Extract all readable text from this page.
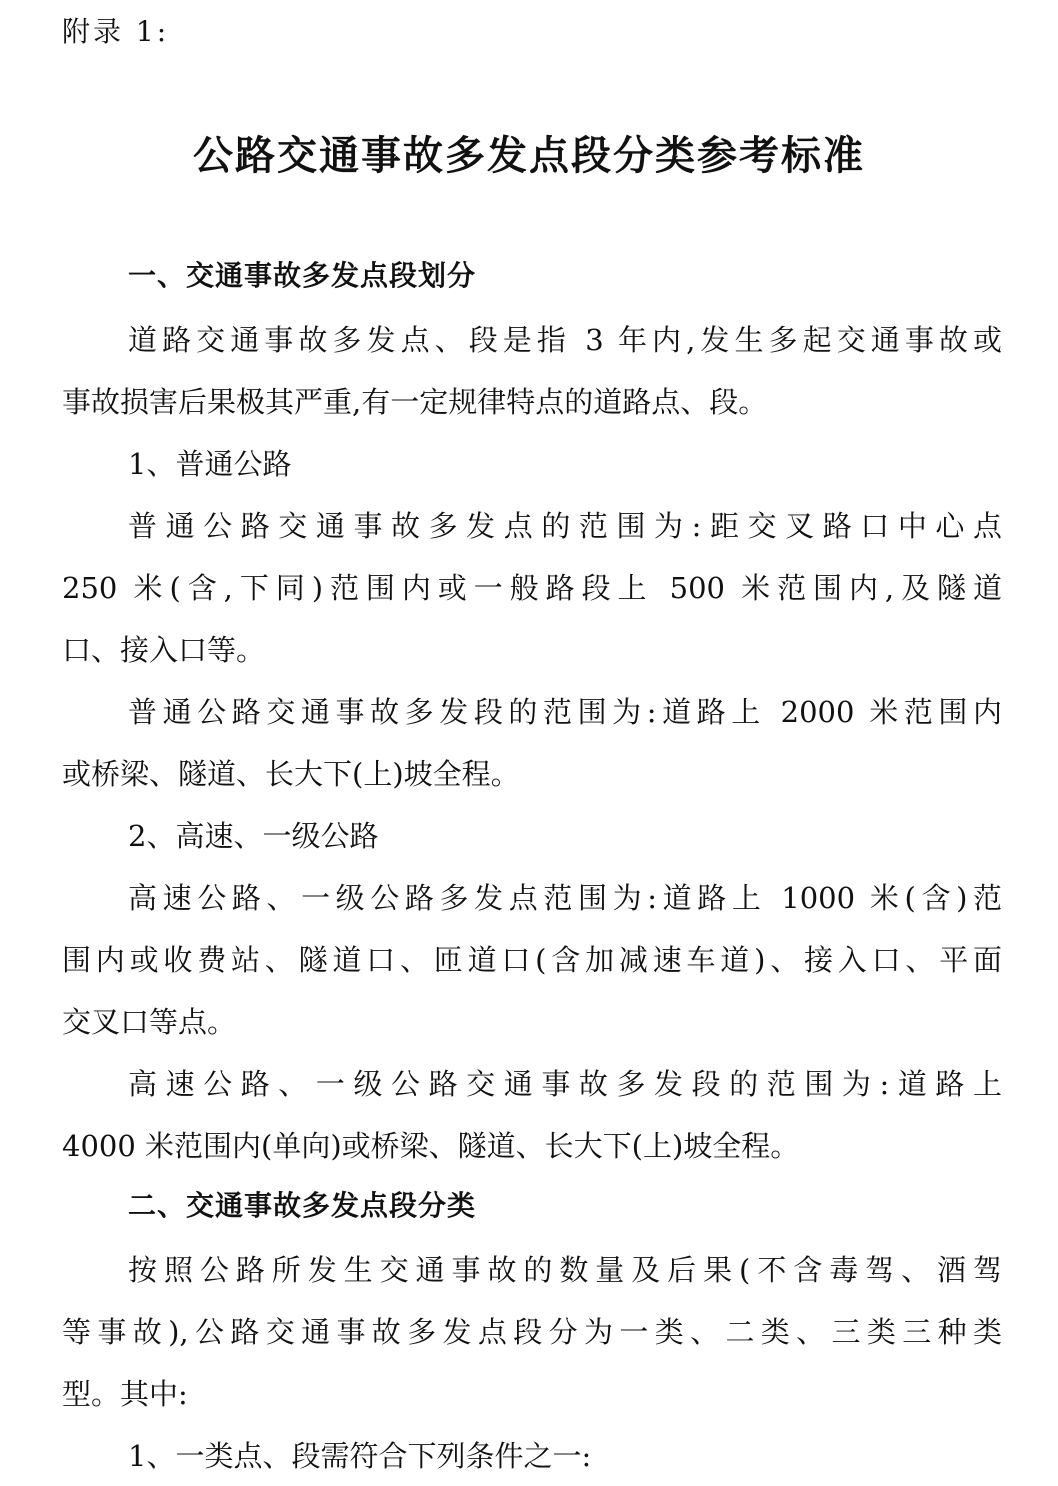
附录 1:
公路交通事故多发点段分类参考标准
一、交通事故多发点段划分
道路交通事故多发点、段是指 3 年内,发生多起交通事故或
事故损害后果极其严重,有一定规律特点的道路点、段。
1、普通公路
普通公路交通事故多发点的范围为:距交叉路口中心点
250 米(含,下同)范围内或一般路段上 500 米范围内,及隧道
口、接入口等。
普通公路交通事故多发段的范围为:道路上 2000 米范围内
或桥梁、隧道、长大下(上)坡全程。
2、高速、一级公路
高速公路、一级公路多发点范围为:道路上 1000 米(含)范
围内或收费站、隧道口、匝道口(含加减速车道)、接入口、平面
交叉口等点。
高速公路、一级公路交通事故多发段的范围为:道路上
4000 米范围内(单向)或桥梁、隧道、长大下(上)坡全程。
二、交通事故多发点段分类
按照公路所发生交通事故的数量及后果(不含毒驾、酒驾
等事故),公路交通事故多发点段分为一类、二类、三类三种类
型。其中:
1、一类点、段需符合下列条件之一:
